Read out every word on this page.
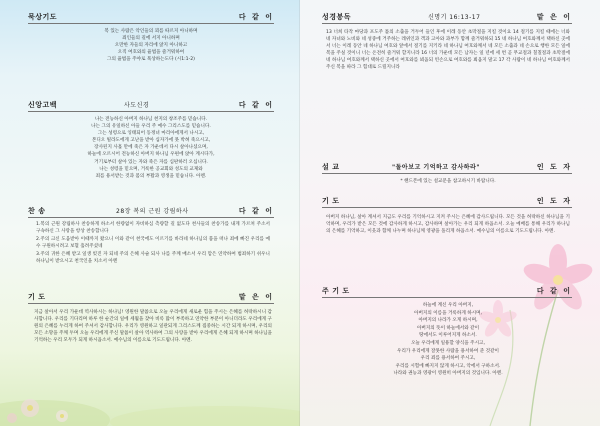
묵상기도	다 같 이
복 있는 사람은 악인들의 꾀를 따르지 아니하며
죄인들의 길에 서지 아니하며
오만한 자들의 자리에 앉지 아니하고
오직 여호와의 율법을 즐거워하여
그의 율법을 주야로 묵상하는도다 (시1:1-2)
신앙고백	사도신경	다 같 이
나는 전능하신 아버지 하나님 천지의 창조주를 믿습니다.
나는 그의 유일하신 아들 우리 주 예수 그리스도를 믿습니다.
그는 성령으로 잉태되어 동정녀 마리아에게서 나시고,
본디오 빌라도에게 고난을 받아 십자가에 못 박혀 죽으시고,
장사된지 사흘 만에 죽은 자 가운데서 다시 살아나셨으며,
하늘에 오르시어 전능하신 아버지 하나님 우편에 앉아 계시다가,
거기로부터 살아 있는 자와 죽은 자를 심판하러 오십니다.
나는 성령을 믿으며, 거룩한 공교회와 성도의 교제와
죄를 용서받는 것과 몸의 부활과 영생을 믿습니다. 아멘.
찬 송	28장 복의 근원 강림하사	다 같 이
1.복의 근원 강림하사 찬송하게 하소서 한량없이 자비하심 측량할 길 없도다 천사들의 찬송가를 내게 가르쳐 주소서 구속하신 그 사랑을 항상 찬송합니다
2.주의 크신 도움받아 이때까지 왔으니 이와 같이 천국에도 이르기를 바라네 하나님의 품을 떠나 죄에 빠진 우리를 예수 구원하시려고 보혈 흘려주셨네
3.주의 귀한 은혜 받고 일생 빚진 자 되네 주의 은혜 사슬 되사 나를 주께 매소서 우리 맘은 연약하여 범죄하기 쉬우니 하나님이 받으시고 천국인을 치소서 아멘
기 도	맡 은 이
지금 살아서 우리 가운데 역사하시는 하나님! 영원한 말씀으로 오늘 우리에게 새로운 힘을 주시는 은혜를 허락하시니 감사합니다. 우리를 기다리며 하루 한 순간의 일에 세월을 찾아 비록 많이 부족하고 연약한 부분이 아니더라도 우리에게 구원의 은혜를 누리게 하여 주셔서 감사합니다. 우리가 영원하고 일관되게 그리스도께 집중하는 시간 되게 하시며, 우리의 모든 소망을 주께 두며 오늘 우리에게 주신 말씀이 살아 역사하여 그의 사랑을 받아 우리에게 은혜 되게 하시며 하나님을 기억하는 우리 모두가 되게 하시옵소서. 예수님의 이름으로 기도드립니다. 아멘.
성경봉독	신명기 16:13-17	맡 은 이
13 너희 타작 마당과 포도주 틀의 소출을 거두어 들인 후에 이레 동안 초막절을 지킬 것이요 14 절기를 지킬 때에는 너와 네 자녀와 노비와 네 성중에 거주하는 레위인과 객과 고아와 과부가 함께 즐거워하되 15 네 하나님 여호와께서 택하신 곳에서 너는 이레 동안 네 하나님 여호와 앞에서 절기를 지키라 네 하나님 여호와께서 네 모든 소출과 네 손으로 행한 모든 일에 복을 주실 것이니 너는 온전히 즐거워 할지니라 16 너의 가운데 모든 남자는 일 년에 세 번 곧 무교절과 칠칠절과 초막절에 네 하나님 여호와께서 택하신 곳에서 여호와를 뵈옵되 빈손으로 여호와를 뵈옵지 말고 17 각 사람이 네 하나님 여호와께서 주신 복을 따라 그 힘대로 드릴지니라
설 교	"돌아보고 기억하고 감사하라"	인 도 자
* 핸드폰에 있는 설교문을 참고하시기 바랍니다.
기 도	인 도 자
아버지 하나님, 살아 계셔서 지금도 우리를 기억하시고 지켜 주시는 은혜에 감사드립니다. 모든 것을 허락하신 하나님을 기억하며, 우리가 받은 모든 것에 감사하게 하시고, 감사하며 살아가는 우리 되게 하옵소서. 오늘 예배를 통해 우리가 하나님의 은혜를 기억하고, 이웃과 함께 나누며 하나님께 영광을 돌리게 하옵소서. 예수님의 이름으로 기도드립니다. 아멘.
주 기 도	다 같 이
하늘에 계신 우리 아버지,
아버지의 이름을 거룩하게 하시며,
아버지의 나라가 오게 하시며,
아버지의 뜻이 하늘에서와 같이
땅에서도 이루어지게 하소서.
오늘 우리에게 일용할 양식을 주시고,
우리가 우리에게 잘못한 사람을 용서하여 준 것같이
우리 죄를 용서하여 주시고,
우리를 시험에 빠지지 않게 하시고, 악에서 구하소서.
나라와 권능과 영광이 영원히 아버지의 것입니다. 아멘.
